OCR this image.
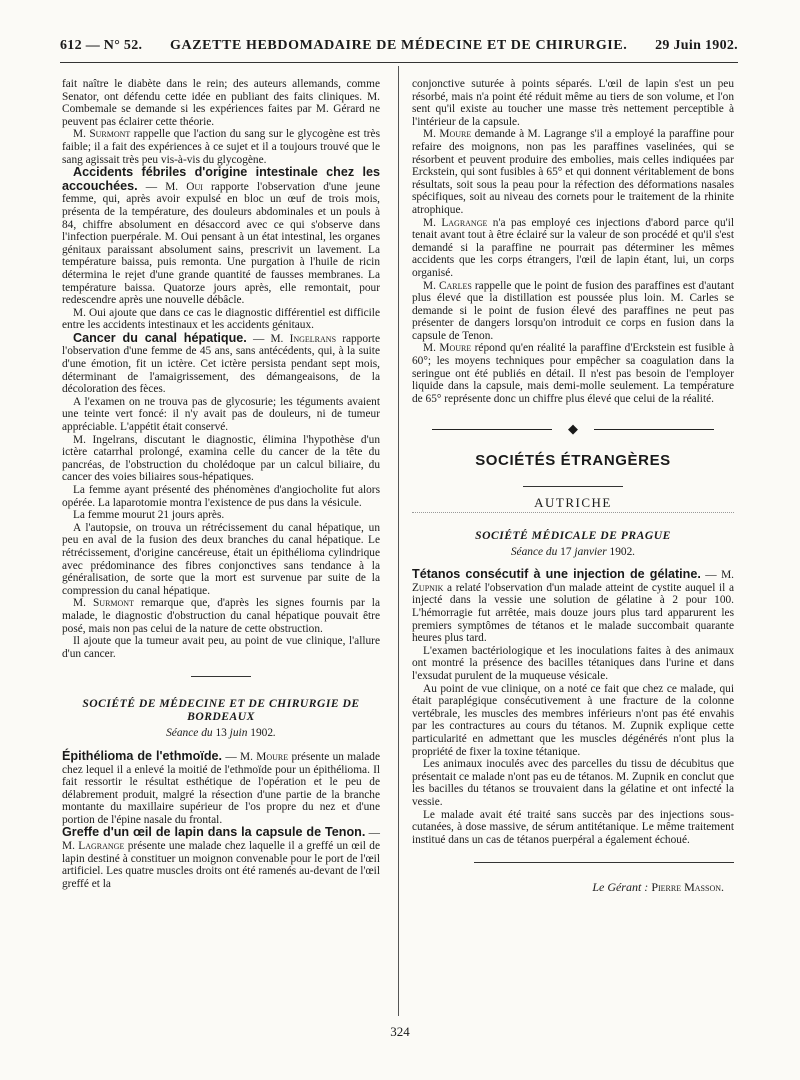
612 — N° 52. GAZETTE HEBDOMADAIRE DE MÉDECINE ET DE CHIRURGIE. 29 Juin 1902.

fait naître le diabète dans le rein; des auteurs allemands, comme Senator, ont défendu cette idée en publiant des faits cliniques. M. Combemale se demande si les expériences faites par M. Gérard ne peuvent pas éclairer cette théorie.

M. Surmont rappelle que l'action du sang sur le glycogène est très faible; il a fait des expériences à ce sujet et il a toujours trouvé que le sang agissait très peu vis-à-vis du glycogène.

Accidents fébriles d'origine intestinale chez les accouchées. — M. Oui rapporte l'observation d'une jeune femme, qui, après avoir expulsé en bloc un œuf de trois mois, présenta de la température, des douleurs abdominales et un pouls à 84, chiffre absolument en désaccord avec ce qui s'observe dans l'infection puerpérale. M. Oui pensant à un état intestinal, les organes génitaux paraissant absolument sains, prescrivit un lavement. La température baissa, puis remonta. Une purgation à l'huile de ricin détermina le rejet d'une grande quantité de fausses membranes. La température baissa. Quatorze jours après, elle remontait, pour redescendre après une nouvelle débâcle.

M. Oui ajoute que dans ce cas le diagnostic différentiel est difficile entre les accidents intestinaux et les accidents génitaux.

Cancer du canal hépatique. — M. Ingelrans rapporte l'observation d'une femme de 45 ans, sans antécédents, qui, à la suite d'une émotion, fit un ictère. Cet ictère persista pendant sept mois, déterminant de l'amaigrissement, des démangeaisons, de la décoloration des fèces.

A l'examen on ne trouva pas de glycosurie; les téguments avaient une teinte vert foncé: il n'y avait pas de douleurs, ni de tumeur appréciable. L'appétit était conservé.

M. Ingelrans, discutant le diagnostic, élimina l'hypothèse d'un ictère catarrhal prolongé, examina celle du cancer de la tête du pancréas, de l'obstruction du cholédoque par un calcul biliaire, du cancer des voies biliaires sous-hépatiques.

La femme ayant présenté des phénomènes d'angiocholite fut alors opérée. La laparotomie montra l'existence de pus dans la vésicule.

La femme mourut 21 jours après.

A l'autopsie, on trouva un rétrécissement du canal hépatique, un peu en aval de la fusion des deux branches du canal hépatique. Le rétrécissement, d'origine cancéreuse, était un épithélioma cylindrique avec prédominance des fibres conjonctives sans tendance à la généralisation, de sorte que la mort est survenue par suite de la compression du canal hépatique.

M. Surmont remarque que, d'après les signes fournis par la malade, le diagnostic d'obstruction du canal hépatique pouvait être posé, mais non pas celui de la nature de cette obstruction.

Il ajoute que la tumeur avait peu, au point de vue clinique, l'allure d'un cancer.

SOCIÉTÉ DE MÉDECINE ET DE CHIRURGIE DE BORDEAUX
Séance du 13 juin 1902.

Épithélioma de l'ethmoïde. — M. Moure présente un malade chez lequel il a enlevé la moitié de l'ethmoïde pour un épithélioma. Il fait ressortir le résultat esthétique de l'opération et le peu de délabrement produit, malgré la résection d'une partie de la branche montante du maxillaire supérieur de l'os propre du nez et d'une portion de l'épine nasale du frontal.

Greffe d'un œil de lapin dans la capsule de Tenon. — M. Lagrange présente une malade chez laquelle il a greffé un œil de lapin destiné à constituer un moignon convenable pour le port de l'œil artificiel. Les quatre muscles droits ont été ramenés au-devant de l'œil greffé et la

conjonctive suturée à points séparés. L'œil de lapin s'est un peu résorbé, mais n'a point été réduit même au tiers de son volume, et l'on sent qu'il existe au toucher une masse très nettement perceptible à l'intérieur de la capsule.

M. Moure demande à M. Lagrange s'il a employé la paraffine pour refaire des moignons, non pas les paraffines vaselinées, qui se résorbent et peuvent produire des embolies, mais celles indiquées par Erckstein, qui sont fusibles à 65° et qui donnent véritablement de bons résultats, soit sous la peau pour la réfection des déformations nasales spécifiques, soit au niveau des cornets pour le traitement de la rhinite atrophique.

M. Lagrange n'a pas employé ces injections d'abord parce qu'il tenait avant tout à être éclairé sur la valeur de son procédé et qu'il s'est demandé si la paraffine ne pourrait pas déterminer les mêmes accidents que les corps étrangers, l'œil de lapin étant, lui, un corps organisé.

M. Carles rappelle que le point de fusion des paraffines est d'autant plus élevé que la distillation est poussée plus loin. M. Carles se demande si le point de fusion élevé des paraffines ne peut pas présenter de dangers lorsqu'on introduit ce corps en fusion dans la capsule de Tenon.

M. Moure répond qu'en réalité la paraffine d'Erckstein est fusible à 60°; les moyens techniques pour empêcher sa coagulation dans la seringue ont été publiés en détail. Il n'est pas besoin de l'employer liquide dans la capsule, mais demi-molle seulement. La température de 65° représente donc un chiffre plus élevé que celui de la réalité.

◆
SOCIÉTÉS ÉTRANGÈRES
AUTRICHE
SOCIÉTÉ MÉDICALE DE PRAGUE
Séance du 17 janvier 1902.

Tétanos consécutif à une injection de gélatine. — M. Zupnik a relaté l'observation d'un malade atteint de cystite auquel il a injecté dans la vessie une solution de gélatine à 2 pour 100. L'hémorragie fut arrêtée, mais douze jours plus tard apparurent les premiers symptômes de tétanos et le malade succombait quarante heures plus tard.

L'examen bactériologique et les inoculations faites à des animaux ont montré la présence des bacilles tétaniques dans l'urine et dans l'exsudat purulent de la muqueuse vésicale.

Au point de vue clinique, on a noté ce fait que chez ce malade, qui était paraplégique consécutivement à une fracture de la colonne vertébrale, les muscles des membres inférieurs n'ont pas été envahis par les contractures au cours du tétanos. M. Zupnik explique cette particularité en admettant que les muscles dégénérés n'ont plus la propriété de fixer la toxine tétanique.

Les animaux inoculés avec des parcelles du tissu de décubitus que présentait ce malade n'ont pas eu de tétanos. M. Zupnik en conclut que les bacilles du tétanos se trouvaient dans la gélatine et ont infecté la vessie.

Le malade avait été traité sans succès par des injections sous-cutanées, à dose massive, de sérum antitétanique. Le même traitement institué dans un cas de tétanos puerpéral a également échoué.

Le Gérant : Pierre Masson.
324
